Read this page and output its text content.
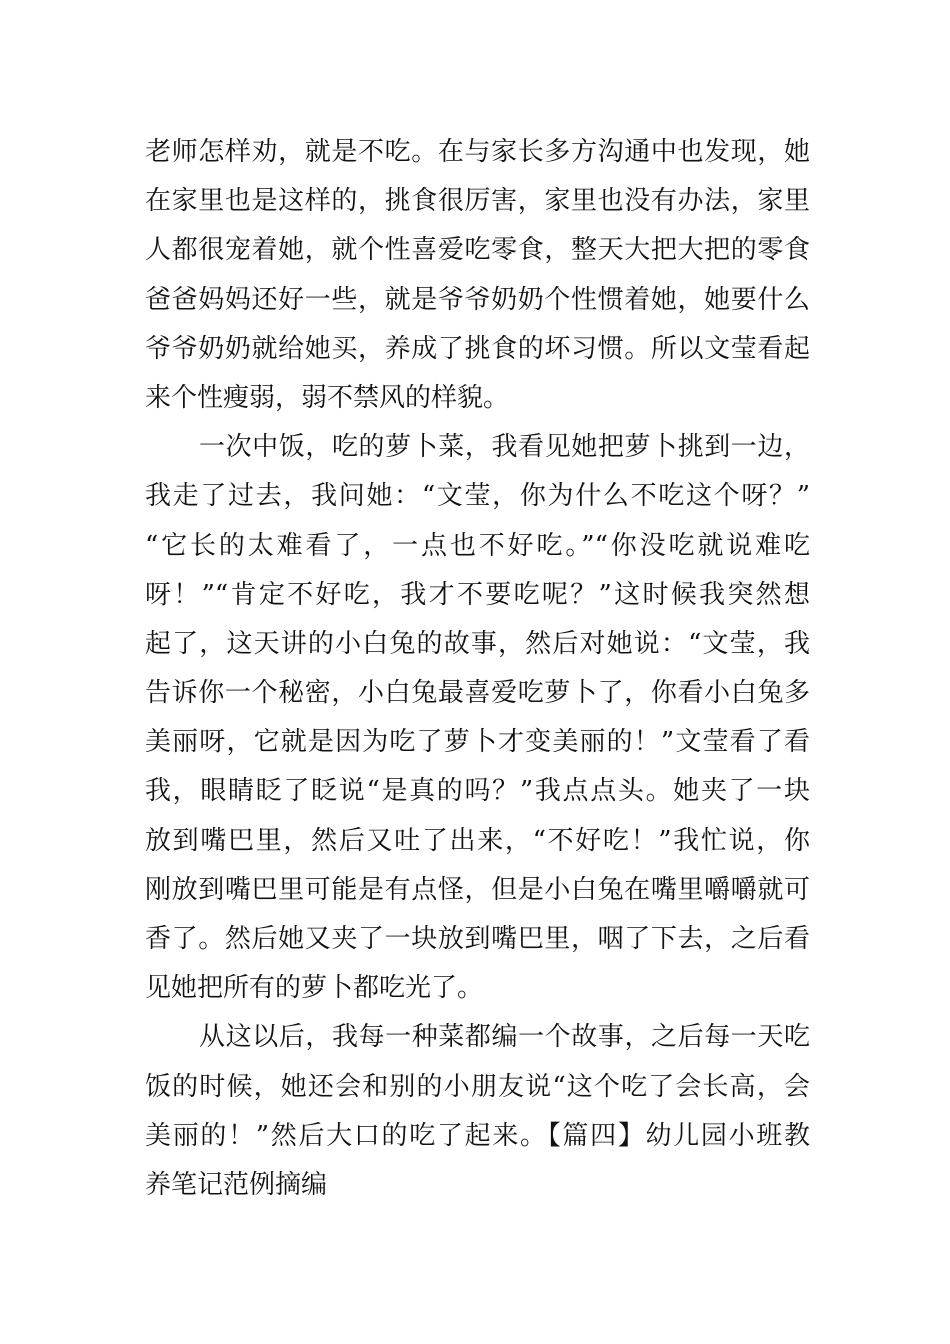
老师怎样劝，就是不吃。在与家长多方沟通中也发现，她
在家里也是这样的，挑食很厉害，家里也没有办法，家里
人都很宠着她，就个性喜爱吃零食，整天大把大把的零食
爸爸妈妈还好一些，就是爷爷奶奶个性惯着她，她要什么
爷爷奶奶就给她买，养成了挑食的坏习惯。所以文莹看起
来个性瘦弱，弱不禁风的样貌。
一次中饭，吃的萝卜菜，我看见她把萝卜挑到一边，
我走了过去，我问她：“文莹，你为什么不吃这个呀？”
“它长的太难看了，一点也不好吃。”“你没吃就说难吃
呀！”“肯定不好吃，我才不要吃呢？”这时候我突然想
起了，这天讲的小白兔的故事，然后对她说：“文莹，我
告诉你一个秘密，小白兔最喜爱吃萝卜了，你看小白兔多
美丽呀，它就是因为吃了萝卜才变美丽的！”文莹看了看
我，眼睛眨了眨说“是真的吗？”我点点头。她夹了一块
放到嘴巴里，然后又吐了出来，“不好吃！”我忙说，你
刚放到嘴巴里可能是有点怪，但是小白兔在嘴里嚼嚼就可
香了。然后她又夹了一块放到嘴巴里，咽了下去，之后看
见她把所有的萝卜都吃光了。
从这以后，我每一种菜都编一个故事，之后每一天吃
饭的时候，她还会和别的小朋友说“这个吃了会长高，会
美丽的！”然后大口的吃了起来。【篇四】幼儿园小班教
养笔记范例摘编
